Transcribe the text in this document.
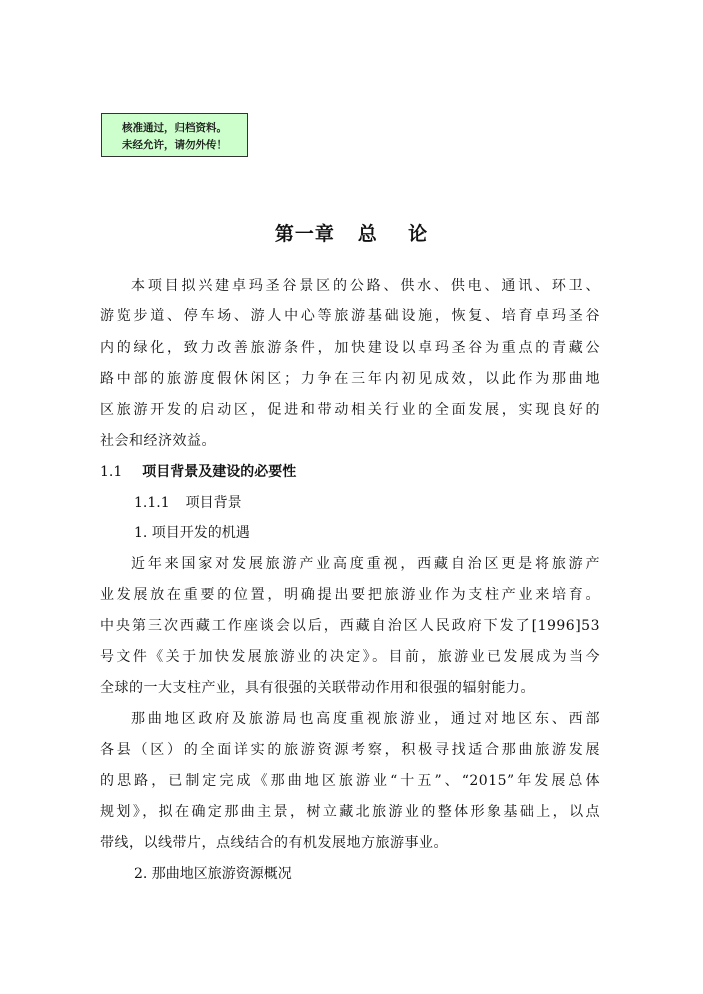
核准通过，归档资料。
未经允许，请勿外传！
第一章   总    论
本项目拟兴建卓玛圣谷景区的公路、供水、供电、通讯、环卫、
游览步道、停车场、游人中心等旅游基础设施，恢复、培育卓玛圣谷
内的绿化，致力改善旅游条件，加快建设以卓玛圣谷为重点的青藏公
路中部的旅游度假休闲区；力争在三年内初见成效，以此作为那曲地
区旅游开发的启动区，促进和带动相关行业的全面发展，实现良好的
社会和经济效益。
1.1 项目背景及建设的必要性
1.1.1 项目背景
1. 项目开发的机遇
近年来国家对发展旅游产业高度重视，西藏自治区更是将旅游产
业发展放在重要的位置，明确提出要把旅游业作为支柱产业来培育。
中央第三次西藏工作座谈会以后，西藏自治区人民政府下发了[1996]53
号文件《关于加快发展旅游业的决定》。目前，旅游业已发展成为当今
全球的一大支柱产业，具有很强的关联带动作用和很强的辐射能力。
那曲地区政府及旅游局也高度重视旅游业，通过对地区东、西部
各县（区）的全面详实的旅游资源考察，积极寻找适合那曲旅游发展
的思路，已制定完成《那曲地区旅游业“十五”、“2015”年发展总体
规划》，拟在确定那曲主景，树立藏北旅游业的整体形象基础上，以点
带线，以线带片，点线结合的有机发展地方旅游事业。
2. 那曲地区旅游资源概况
